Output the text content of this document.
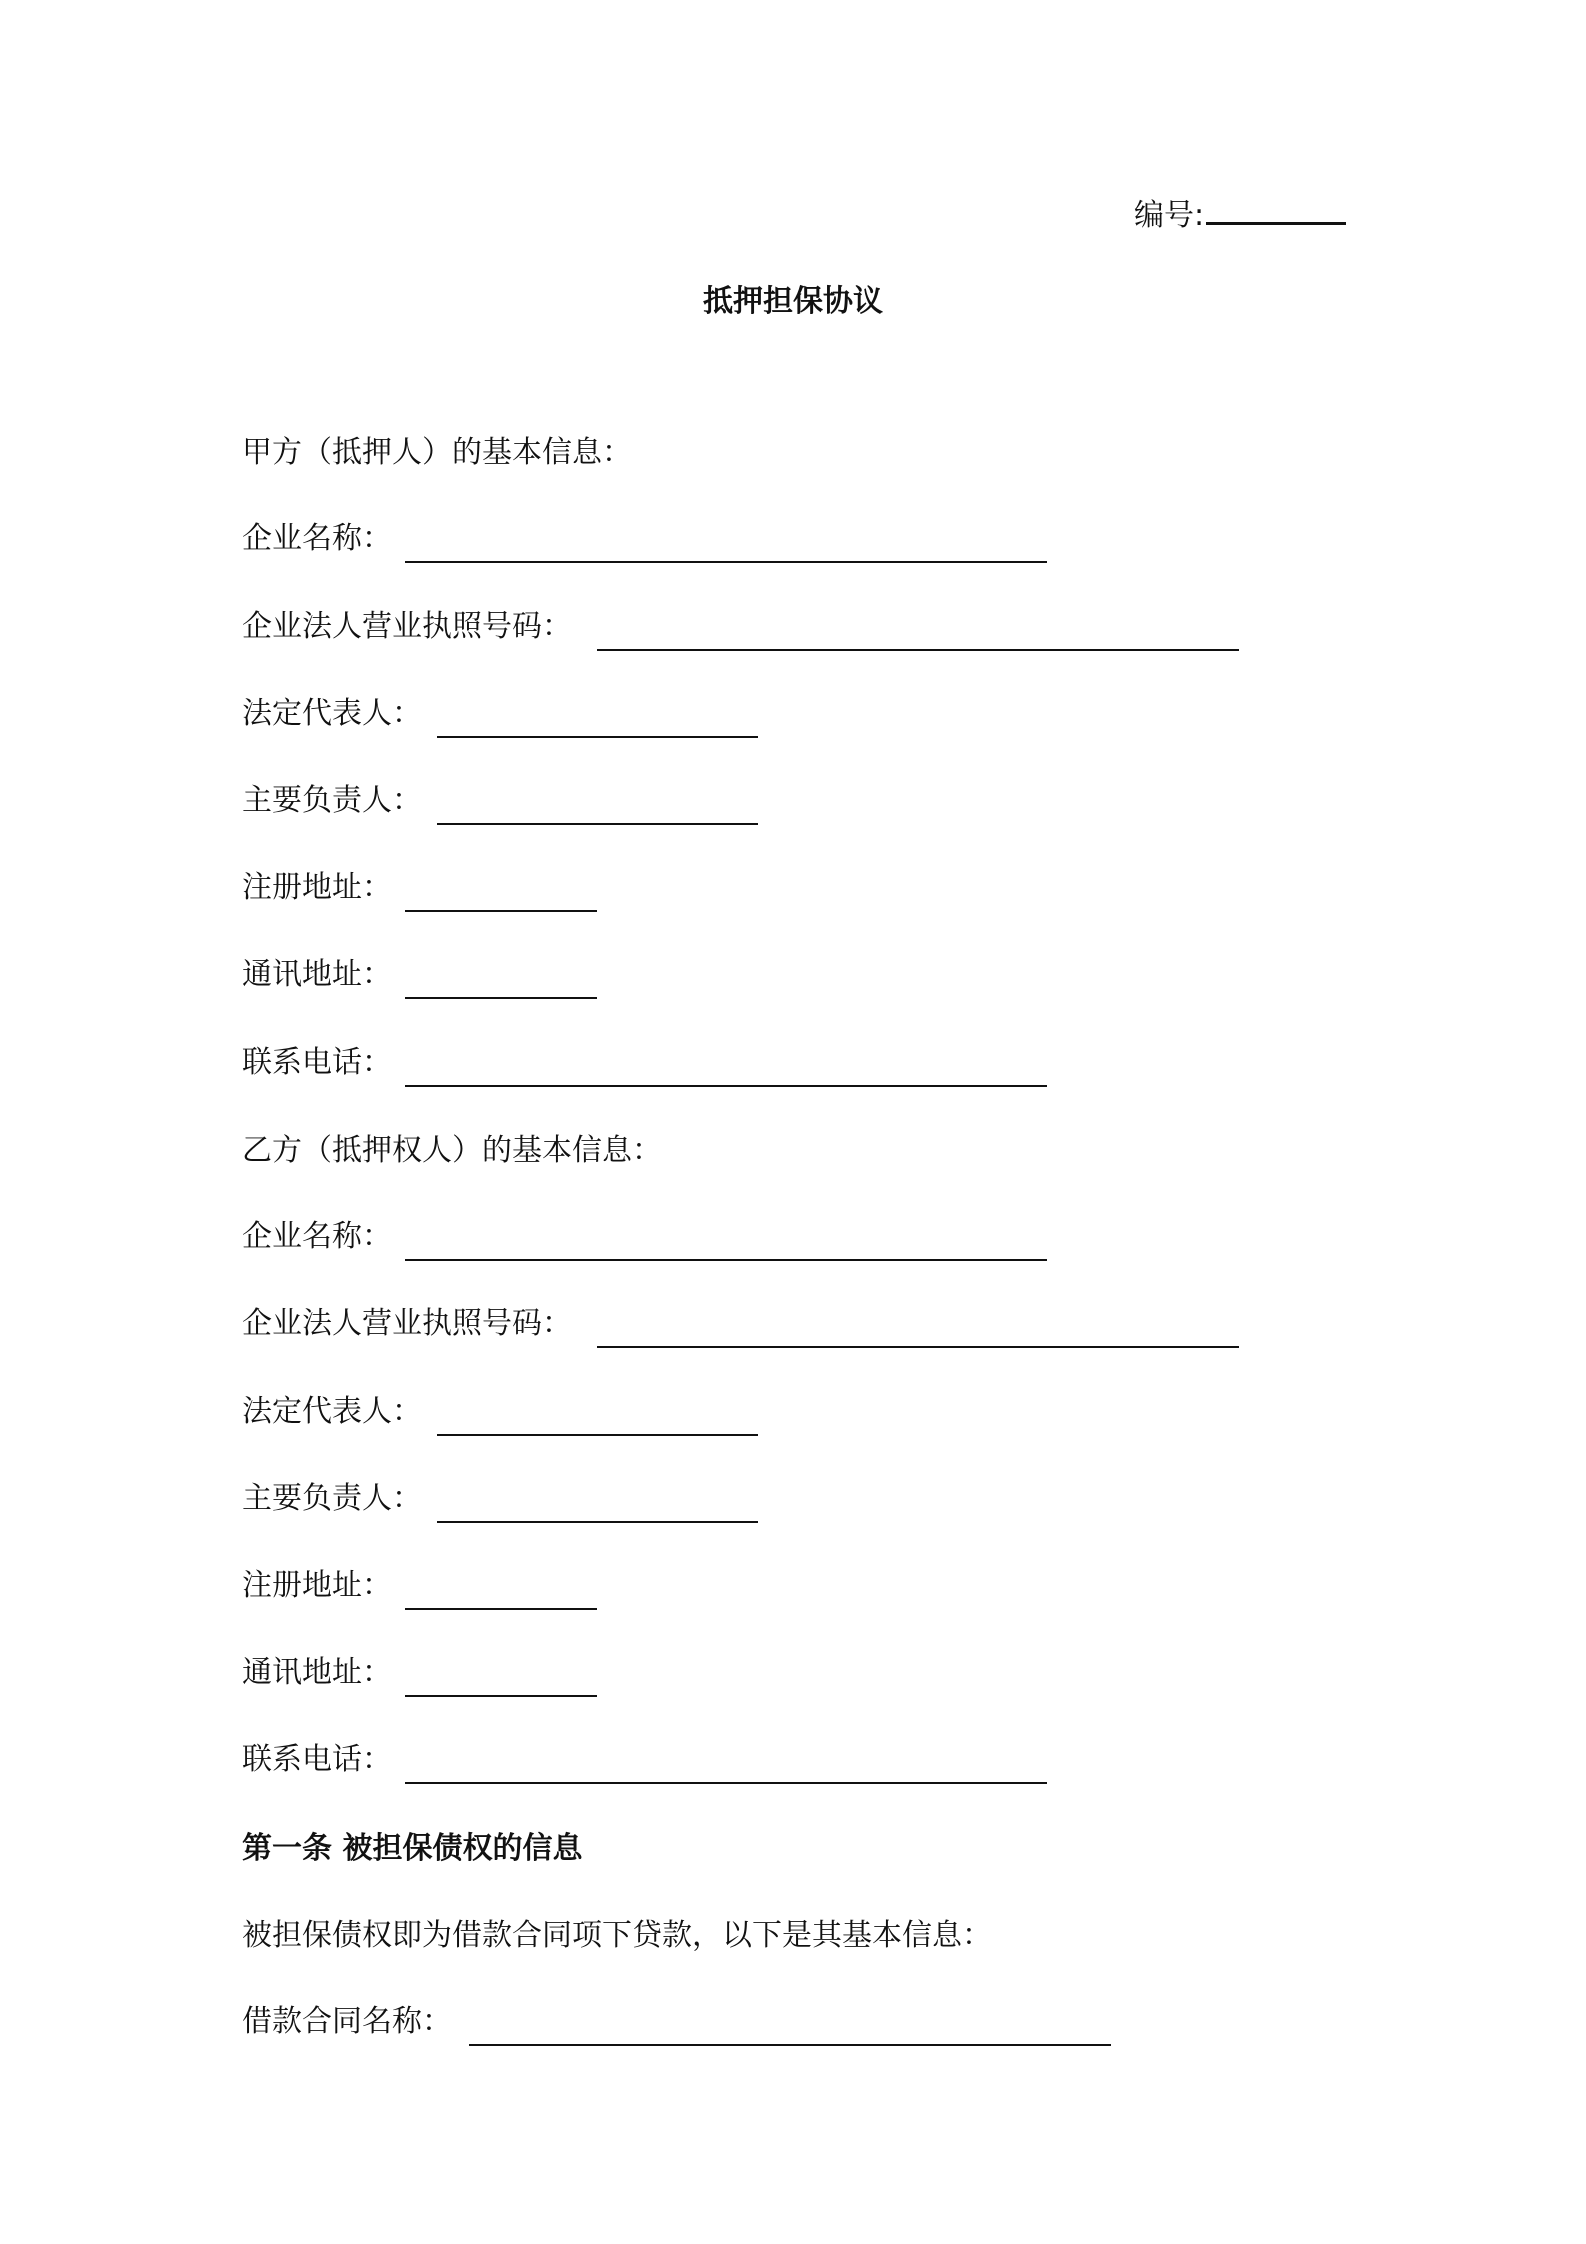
编号:
抵押担保协议
甲方（抵押人）的基本信息：
企业名称：
企业法人营业执照号码：
法定代表人：
主要负责人：
注册地址：
通讯地址：
联系电话：
乙方（抵押权人）的基本信息：
企业名称：
企业法人营业执照号码：
法定代表人：
主要负责人：
注册地址：
通讯地址：
联系电话：
第一条 被担保债权的信息
被担保债权即为借款合同项下贷款，以下是其基本信息：
借款合同名称：
